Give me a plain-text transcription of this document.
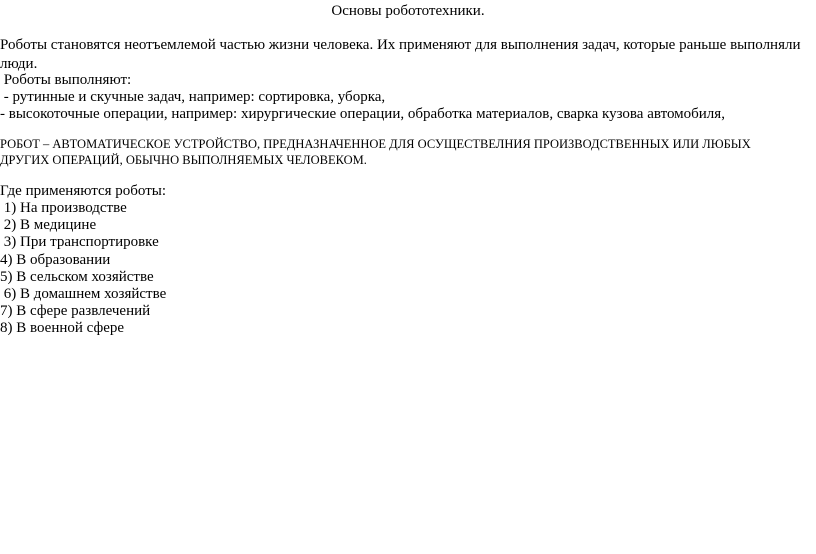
Основы робототехники.
Роботы становятся неотъемлемой частью жизни человека. Их применяют для выполнения задач, которые раньше выполняли люди.
Роботы выполняют:
- рутинные и скучные задач, например: сортировка, уборка,
- высокоточные операции, например: хирургические операции, обработка материалов, сварка кузова автомобиля,
РОБОТ – АВТОМАТИЧЕСКОЕ УСТРОЙСТВО, ПРЕДНАЗНАЧЕННОЕ ДЛЯ ОСУЩЕСТВЕЛНИЯ ПРОИЗВОДСТВЕННЫХ ИЛИ ЛЮБЫХ ДРУГИХ ОПЕРАЦИЙ, ОБЫЧНО ВЫПОЛНЯЕМЫХ ЧЕЛОВЕКОМ.
Где применяются роботы:
1) На производстве
2) В медицине
3) При транспортировке
4) В образовании
5) В сельском хозяйстве
6) В домашнем хозяйстве
7) В сфере развлечений
8) В военной сфере
